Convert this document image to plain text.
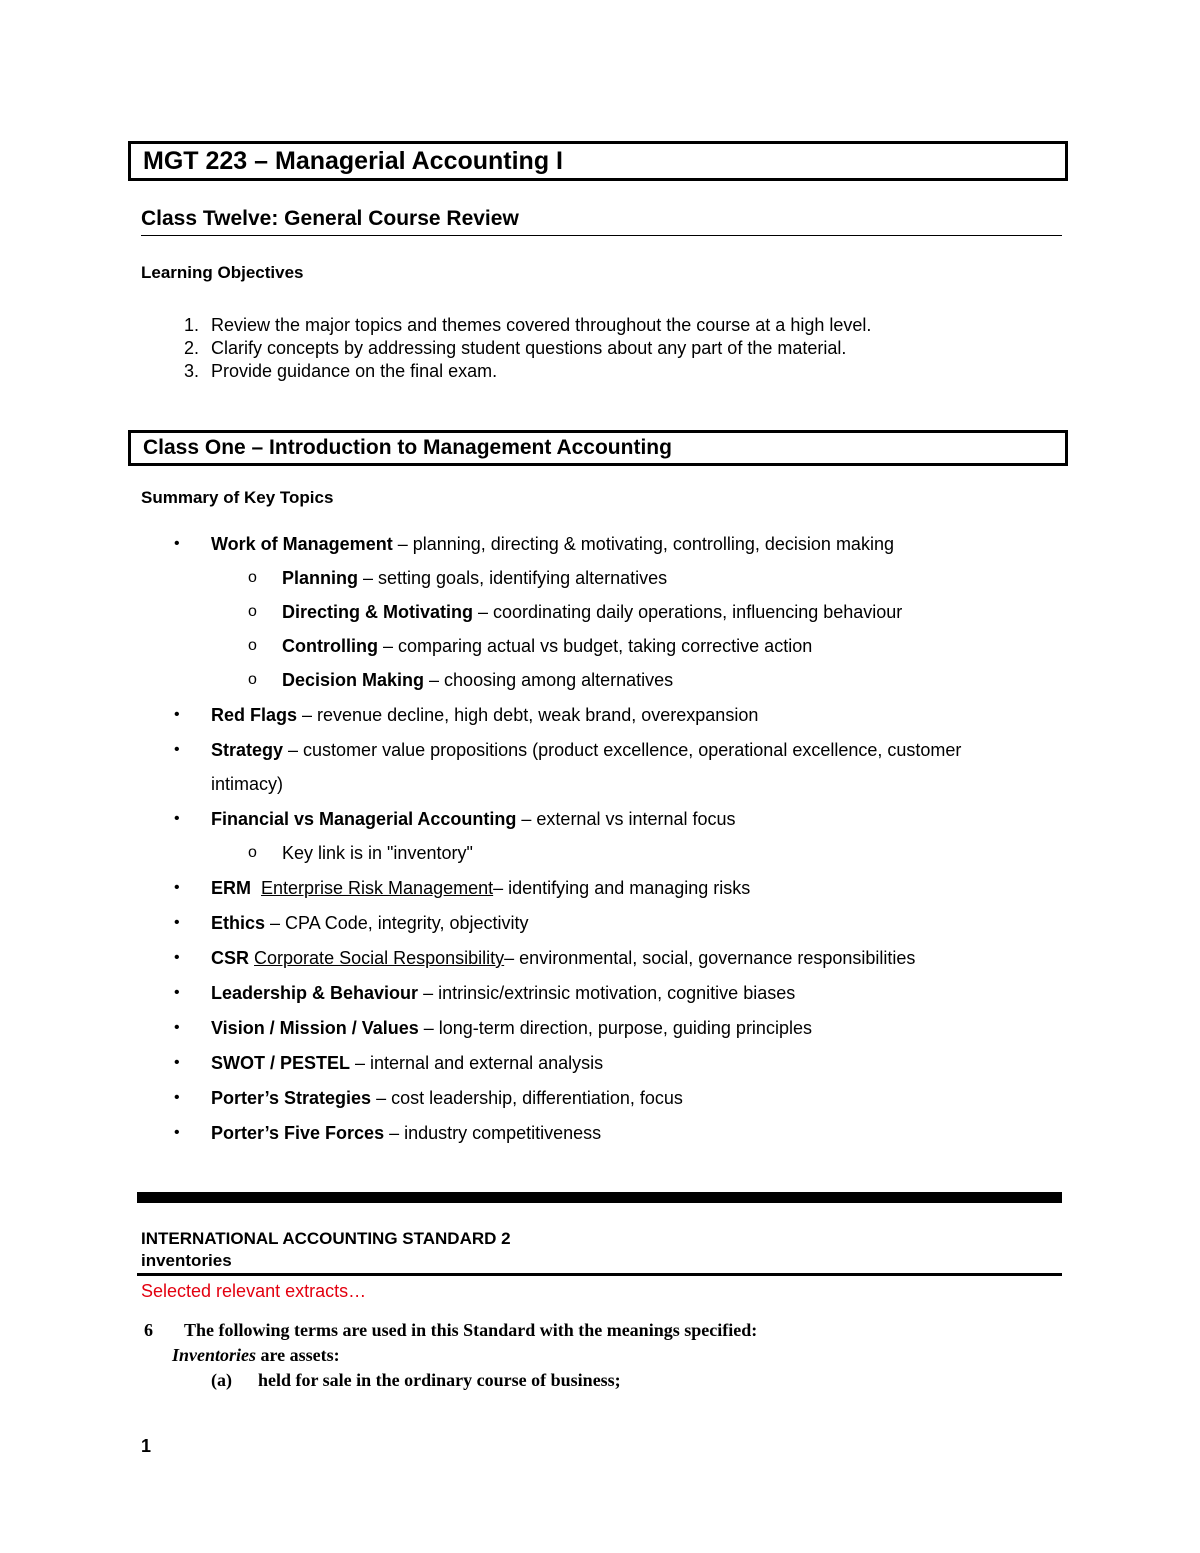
MGT 223 – Managerial Accounting I
Class Twelve: General Course Review
Learning Objectives
1. Review the major topics and themes covered throughout the course at a high level.
2. Clarify concepts by addressing student questions about any part of the material.
3. Provide guidance on the final exam.
Class One – Introduction to Management Accounting
Summary of Key Topics
• Work of Management – planning, directing & motivating, controlling, decision making
o Planning – setting goals, identifying alternatives
o Directing & Motivating – coordinating daily operations, influencing behaviour
o Controlling – comparing actual vs budget, taking corrective action
o Decision Making – choosing among alternatives
• Red Flags – revenue decline, high debt, weak brand, overexpansion
• Strategy – customer value propositions (product excellence, operational excellence, customer
intimacy)
• Financial vs Managerial Accounting – external vs internal focus
o Key link is in "inventory"
• ERM Enterprise Risk Management– identifying and managing risks
• Ethics – CPA Code, integrity, objectivity
• CSR Corporate Social Responsibility– environmental, social, governance responsibilities
• Leadership & Behaviour – intrinsic/extrinsic motivation, cognitive biases
• Vision / Mission / Values – long-term direction, purpose, guiding principles
• SWOT / PESTEL – internal and external analysis
• Porter’s Strategies – cost leadership, differentiation, focus
• Porter’s Five Forces – industry competitiveness
INTERNATIONAL ACCOUNTING STANDARD 2
inventories
Selected relevant extracts…
6 The following terms are used in this Standard with the meanings specified:
Inventories are assets:
(a) held for sale in the ordinary course of business;
1
